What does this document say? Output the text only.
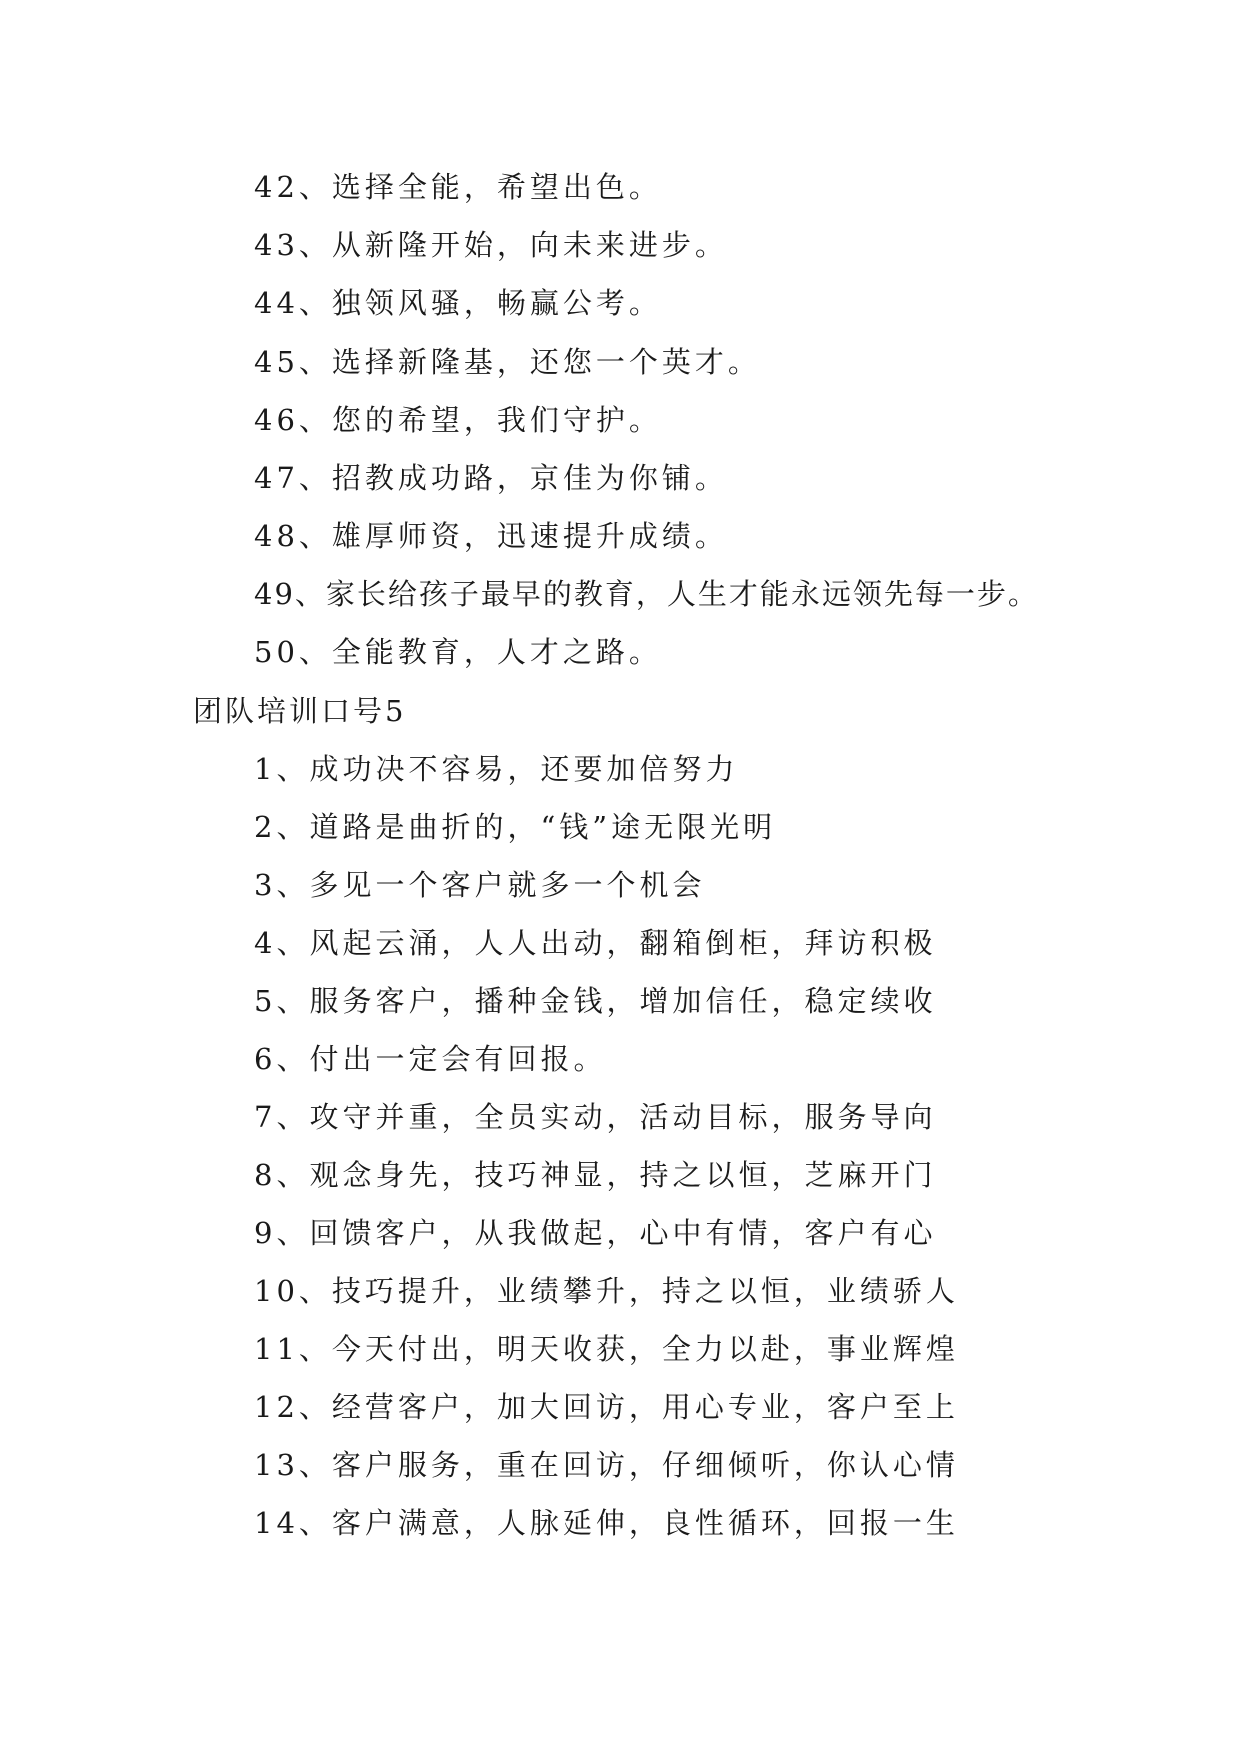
42、选择全能，希望出色。
43、从新隆开始，向未来进步。
44、独领风骚，畅赢公考。
45、选择新隆基，还您一个英才。
46、您的希望，我们守护。
47、招教成功路，京佳为你铺。
48、雄厚师资，迅速提升成绩。
49、家长给孩子最早的教育，人生才能永远领先每一步。
50、全能教育，人才之路。
团队培训口号5
1、成功决不容易，还要加倍努力
2、道路是曲折的，“钱”途无限光明
3、多见一个客户就多一个机会
4、风起云涌，人人出动，翻箱倒柜，拜访积极
5、服务客户，播种金钱，增加信任，稳定续收
6、付出一定会有回报。
7、攻守并重，全员实动，活动目标，服务导向
8、观念身先，技巧神显，持之以恒，芝麻开门
9、回馈客户，从我做起，心中有情，客户有心
10、技巧提升，业绩攀升，持之以恒，业绩骄人
11、今天付出，明天收获，全力以赴，事业辉煌
12、经营客户，加大回访，用心专业，客户至上
13、客户服务，重在回访，仔细倾听，你认心情
14、客户满意，人脉延伸，良性循环，回报一生
